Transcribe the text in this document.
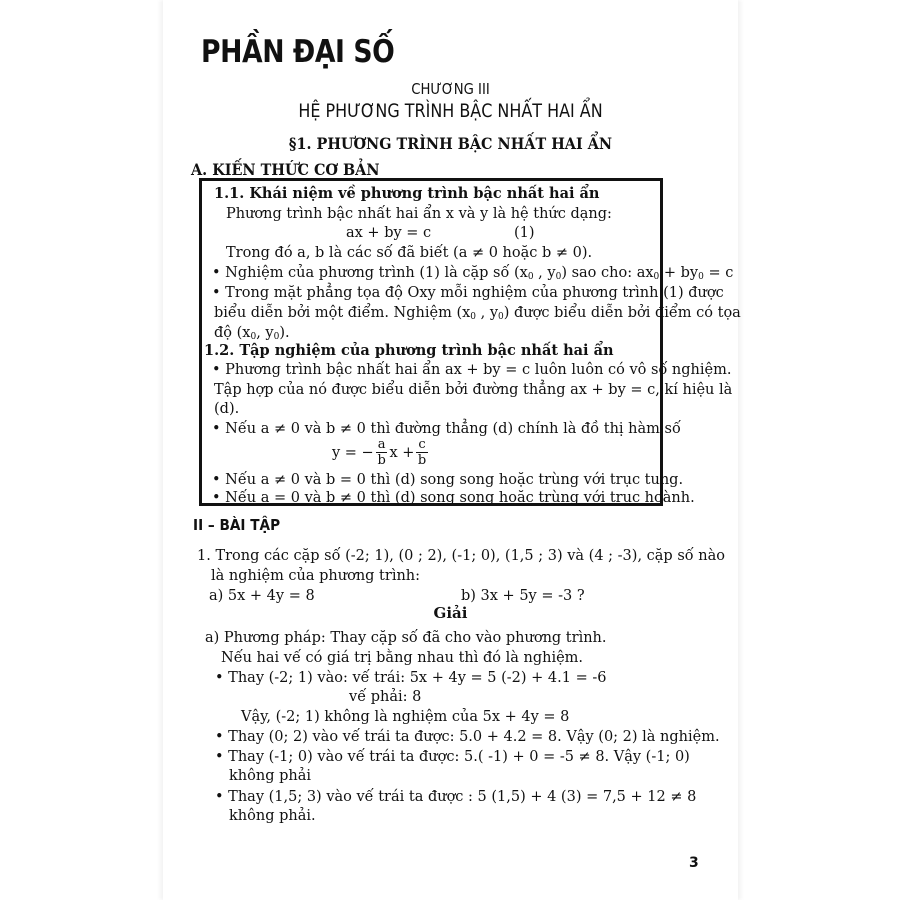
PHẦN ĐẠI SỐ
CHƯƠNG III
HỆ PHƯƠNG TRÌNH BẬC NHẤT HAI ẨN
§1. PHƯƠNG TRÌNH BẬC NHẤT HAI ẨN
A. KIẾN THỨC CƠ BẢN
1.1. Khái niệm về phương trình bậc nhất hai ẩn
Phương trình bậc nhất hai ẩn x và y là hệ thức dạng:
ax + by = c	(1)
Trong đó a, b là các số đã biết (a ≠ 0 hoặc b ≠ 0).
• Nghiệm của phương trình (1) là cặp số ($x_0$ , $y_0$) sao cho: $ax_0 + by_0 = c$
• Trong mặt phẳng tọa độ Oxy mỗi nghiệm của phương trình (1) được
biểu diễn bởi một điểm. Nghiệm ($x_0$ , $y_0$) được biểu diễn bởi điểm có tọa
độ ($x_0$, $y_0$).
1.2. Tập nghiệm của phương trình bậc nhất hai ẩn
• Phương trình bậc nhất hai ẩn ax + by = c luôn luôn có vô số nghiệm.
Tập hợp của nó được biểu diễn bởi đường thẳng ax + by = c, kí hiệu là
(d).
• Nếu a ≠ 0 và b ≠ 0 thì đường thẳng (d) chính là đồ thị hàm số
y = − $\frac{a}{b}$ $x + \frac{c}{b}$
• Nếu a ≠ 0 và b = 0 thì (d) song song hoặc trùng với trục tung.
• Nếu a = 0 và b ≠ 0 thì (d) song song hoặc trùng với trục hoành.
II – BÀI TẬP
1. Trong các cặp số (-2; 1), (0 ; 2), (-1; 0), (1,5 ; 3) và (4 ; -3), cặp số nào
là nghiệm của phương trình:
a) 5x + 4y = 8	b) 3x + 5y = -3 ?
Giải
a) Phương pháp: Thay cặp số đã cho vào phương trình.
Nếu hai vế có giá trị bằng nhau thì đó là nghiệm.
• Thay (-2; 1) vào: vế trái: 5x + 4y = 5 (-2) + 4.1 = -6
vế phải: 8
Vậy, (-2; 1) không là nghiệm của 5x + 4y = 8
• Thay (0; 2) vào vế trái ta được: 5.0 + 4.2 = 8. Vậy (0; 2) là nghiệm.
• Thay (-1; 0) vào vế trái ta được: 5.( -1) + 0 = -5 ≠ 8. Vậy (-1; 0)
không phải
• Thay (1,5; 3) vào vế trái ta được : 5 (1,5) + 4 (3) = 7,5 + 12 ≠ 8
không phải.
3
